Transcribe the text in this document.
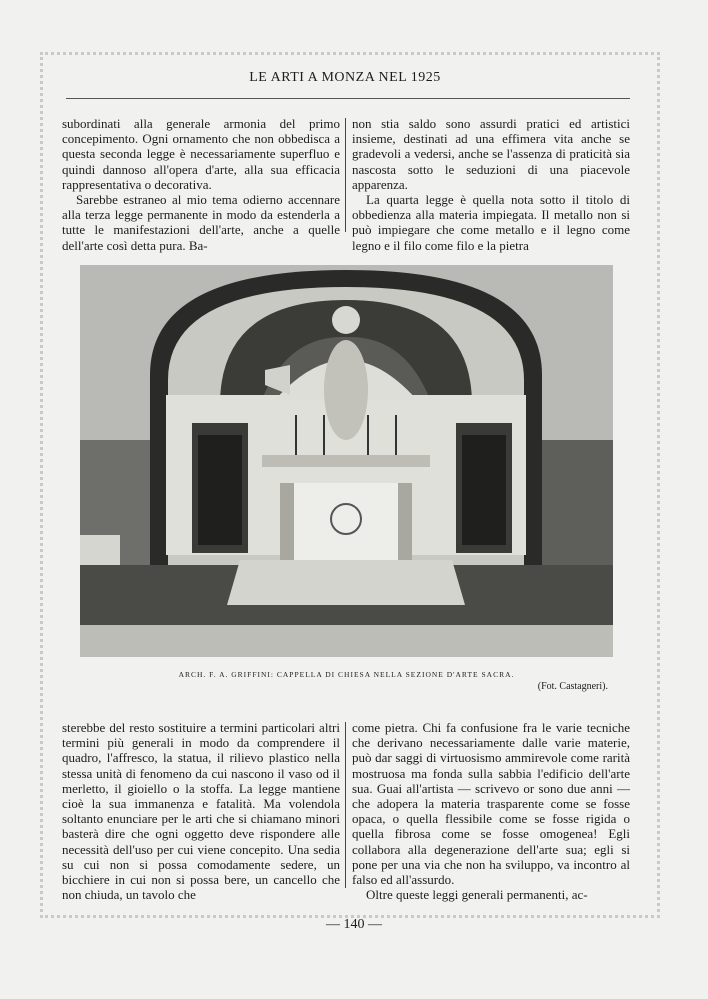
LE ARTI A MONZA NEL 1925

subordinati alla generale armonia del primo concepimento. Ogni ornamento che non obbedisca a questa seconda legge è necessariamente superfluo e quindi dannoso all'opera d'arte, alla sua efficacia rappresentativa o decorativa.

Sarebbe estraneo al mio tema odierno accennare alla terza legge permanente in modo da estenderla a tutte le manifestazioni dell'arte, anche a quelle dell'arte così detta pura. Ba-

non stia saldo sono assurdi pratici ed artistici insieme, destinati ad una effimera vita anche se gradevoli a vedersi, anche se l'assenza di praticità sia nascosta sotto le seduzioni di una piacevole apparenza.

La quarta legge è quella nota sotto il titolo di obbedienza alla materia impiegata. Il metallo non si può impiegare che come metallo e il legno come legno e il filo come filo e la pietra

ARCH. F. A. GRIFFINI: CAPPELLA DI CHIESA NELLA SEZIONE D'ARTE SACRA.
(Fot. Castagneri).

sterebbe del resto sostituire a termini particolari altri termini più generali in modo da comprendere il quadro, l'affresco, la statua, il rilievo plastico nella stessa unità di fenomeno da cui nascono il vaso od il merletto, il gioiello o la stoffa. La legge mantiene cioè la sua immanenza e fatalità. Ma volendola soltanto enunciare per le arti che si chiamano minori basterà dire che ogni oggetto deve rispondere alle necessità dell'uso per cui viene concepito. Una sedia su cui non si possa comodamente sedere, un bicchiere in cui non si possa bere, un cancello che non chiuda, un tavolo che

come pietra. Chi fa confusione fra le varie tecniche che derivano necessariamente dalle varie materie, può dar saggi di virtuosismo ammirevole come rarità mostruosa ma fonda sulla sabbia l'edificio dell'arte sua. Guai all'artista — scrivevo or sono due anni — che adopera la materia trasparente come se fosse opaca, o quella flessibile come se fosse rigida o quella fibrosa come se fosse omogenea! Egli collabora alla degenerazione dell'arte sua; egli si pone per una via che non ha sviluppo, va incontro al falso ed all'assurdo.

Oltre queste leggi generali permanenti, ac-

— 140 —
